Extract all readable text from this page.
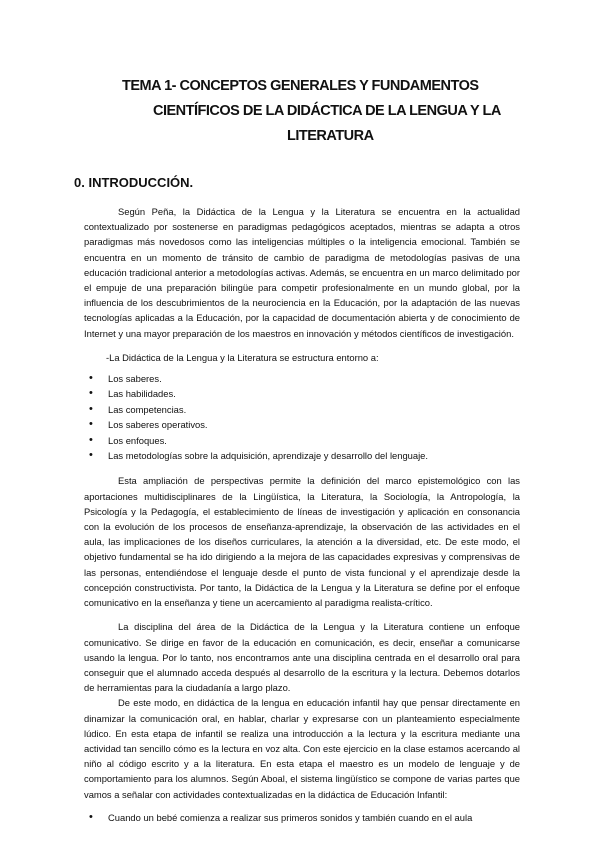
TEMA 1- CONCEPTOS GENERALES Y FUNDAMENTOS
CIENTÍFICOS DE LA DIDÁCTICA DE LA LENGUA Y LA
LITERATURA
0. INTRODUCCIÓN.

Según Peña, la Didáctica de la Lengua y la Literatura se encuentra en la actualidad contextualizado por sostenerse en paradigmas pedagógicos aceptados, mientras se adapta a otros paradigmas más novedosos como las inteligencias múltiples o la inteligencia emocional. También se encuentra en un momento de tránsito de cambio de paradigma de metodologías pasivas de una educación tradicional anterior a metodologías activas. Además, se encuentra en un marco delimitado por el empuje de una preparación bilingüe para competir profesionalmente en un mundo global, por la influencia de los descubrimientos de la neurociencia en la Educación, por la adaptación de las nuevas tecnologías aplicadas a la Educación, por la capacidad de documentación abierta y de conocimiento de Internet y una mayor preparación de los maestros en innovación y métodos científicos de investigación.

-La Didáctica de la Lengua y la Literatura se estructura entorno a:

• Los saberes.
• Las habilidades.
• Las competencias.
• Los saberes operativos.
• Los enfoques.
• Las metodologías sobre la adquisición, aprendizaje y desarrollo del lenguaje.

Esta ampliación de perspectivas permite la definición del marco epistemológico con las aportaciones multidisciplinares de la Lingüística, la Literatura, la Sociología, la Antropología, la Psicología y la Pedagogía, el establecimiento de líneas de investigación y aplicación en consonancia con la evolución de los procesos de enseñanza-aprendizaje, la observación de las actividades en el aula, las implicaciones de los diseños curriculares, la atención a la diversidad, etc. De este modo, el objetivo fundamental se ha ido dirigiendo a la mejora de las capacidades expresivas y comprensivas de las personas, entendiéndose el lenguaje desde el punto de vista funcional y el aprendizaje desde la concepción constructivista. Por tanto, la Didáctica de la Lengua y la Literatura se define por el enfoque comunicativo en la enseñanza y tiene un acercamiento al paradigma realista-crítico.

La disciplina del área de la Didáctica de la Lengua y la Literatura contiene un enfoque comunicativo. Se dirige en favor de la educación en comunicación, es decir, enseñar a comunicarse usando la lengua. Por lo tanto, nos encontramos ante una disciplina centrada en el desarrollo oral para conseguir que el alumnado acceda después al desarrollo de la escritura y la lectura. Debemos dotarlos de herramientas para la ciudadanía a largo plazo.

De este modo, en didáctica de la lengua en educación infantil hay que pensar directamente en dinamizar la comunicación oral, en hablar, charlar y expresarse con un planteamiento especialmente lúdico. En esta etapa de infantil se realiza una introducción a la lectura y la escritura mediante una actividad tan sencillo cómo es la lectura en voz alta. Con este ejercicio en la clase estamos acercando al niño al código escrito y a la literatura. En esta etapa el maestro es un modelo de lenguaje y de comportamiento para los alumnos. Según Aboal, el sistema lingüístico se compone de varias partes que vamos a señalar con actividades contextualizadas en la didáctica de Educación Infantil:

• Cuando un bebé comienza a realizar sus primeros sonidos y también cuando en el aula
